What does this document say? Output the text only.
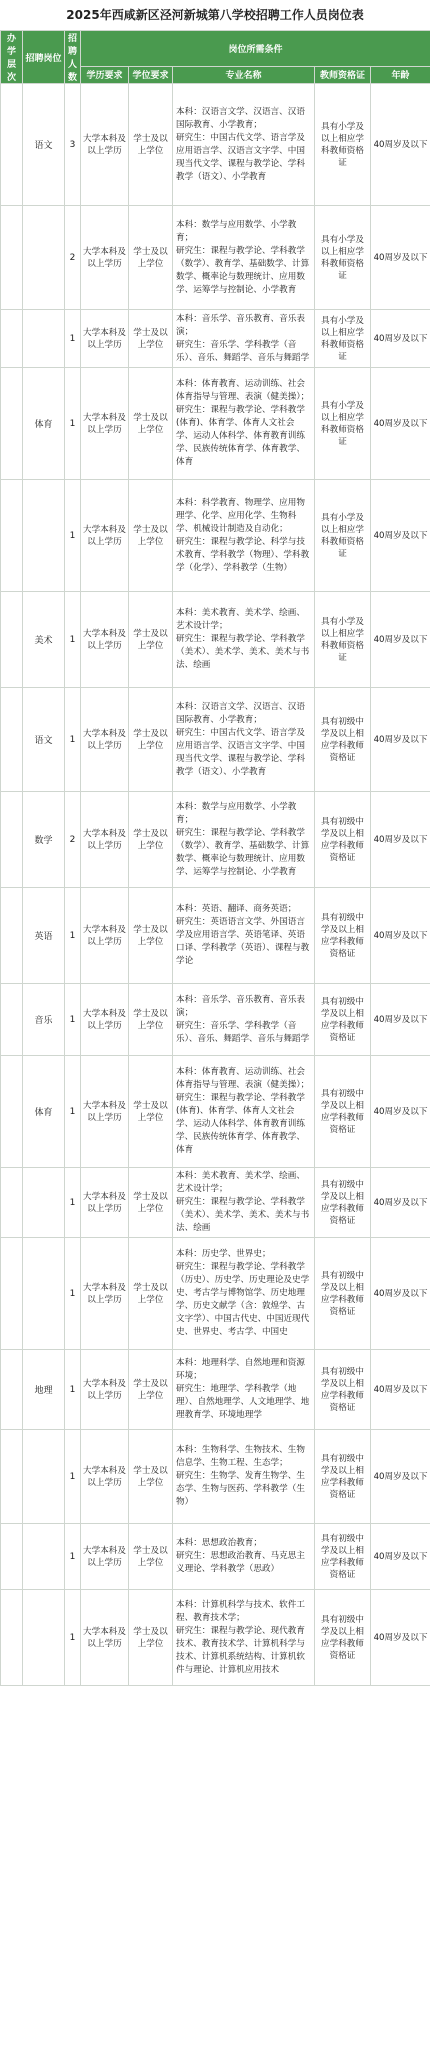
2025年西咸新区泾河新城第八学校招聘工作人员岗位表
办学层次	招聘岗位	招聘人数	岗位所需条件				
			学历要求	学位要求	专业名称	教师资格证	年龄
	语文	3	大学本科及以上学历	学士及以上学位	本科：汉语言文学、汉语言、汉语国际教育、小学教育；
研究生：中国古代文学、语言学及应用语言学、汉语言文字学、中国现当代文学、课程与教学论、学科教学（语文）、小学教育	具有小学及以上相应学科教师资格证	40周岁及以下
		2	大学本科及以上学历	学士及以上学位	本科：数学与应用数学、小学教育；
研究生：课程与教学论、学科教学（数学）、教育学、基础数学、计算数学、概率论与数理统计、应用数学、运筹学与控制论、小学教育	具有小学及以上相应学科教师资格证	40周岁及以下
		1	大学本科及以上学历	学士及以上学位	本科：音乐学、音乐教育、音乐表演；
研究生：音乐学、学科教学（音乐）、音乐、舞蹈学、音乐与舞蹈学	具有小学及以上相应学科教师资格证	40周岁及以下
	体育	1	大学本科及以上学历	学士及以上学位	本科：体育教育、运动训练、社会体育指导与管理、表演（健美操）；
研究生：课程与教学论、学科教学(体育)、体育学、体育人文社会学、运动人体科学、体育教育训练学、民族传统体育学、体育教学、体育	具有小学及以上相应学科教师资格证	40周岁及以下
		1	大学本科及以上学历	学士及以上学位	本科：科学教育、物理学、应用物理学、化学、应用化学、生物科学、机械设计制造及自动化；
研究生：课程与教学论、科学与技术教育、学科教学（物理）、学科教学（化学）、学科教学（生物）	具有小学及以上相应学科教师资格证	40周岁及以下
	美术	1	大学本科及以上学历	学士及以上学位	本科：美术教育、美术学、绘画、艺术设计学；
研究生：课程与教学论、学科教学（美术）、美术学、美术、美术与书法、绘画	具有小学及以上相应学科教师资格证	40周岁及以下
	语文	1	大学本科及以上学历	学士及以上学位	本科：汉语言文学、汉语言、汉语国际教育、小学教育；
研究生：中国古代文学、语言学及应用语言学、汉语言文字学、中国现当代文学、课程与教学论、学科教学（语文）、小学教育	具有初级中学及以上相应学科教师资格证	40周岁及以下
	数学	2	大学本科及以上学历	学士及以上学位	本科：数学与应用数学、小学教育；
研究生：课程与教学论、学科教学（数学）、教育学、基础数学、计算数学、概率论与数理统计、应用数学、运筹学与控制论、小学教育	具有初级中学及以上相应学科教师资格证	40周岁及以下
	英语	1	大学本科及以上学历	学士及以上学位	本科：英语、翻译、商务英语；
研究生：英语语言文学、外国语言学及应用语言学、英语笔译、英语口译、学科教学（英语）、课程与教学论	具有初级中学及以上相应学科教师资格证	40周岁及以下
	音乐	1	大学本科及以上学历	学士及以上学位	本科：音乐学、音乐教育、音乐表演；
研究生：音乐学、学科教学（音乐）、音乐、舞蹈学、音乐与舞蹈学	具有初级中学及以上相应学科教师资格证	40周岁及以下
	体育	1	大学本科及以上学历	学士及以上学位	本科：体育教育、运动训练、社会体育指导与管理、表演（健美操）；
研究生：课程与教学论、学科教学(体育)、体育学、体育人文社会学、运动人体科学、体育教育训练学、民族传统体育学、体育教学、体育	具有初级中学及以上相应学科教师资格证	40周岁及以下
		1	大学本科及以上学历	学士及以上学位	本科：美术教育、美术学、绘画、艺术设计学；
研究生：课程与教学论、学科教学（美术）、美术学、美术、美术与书法、绘画	具有初级中学及以上相应学科教师资格证	40周岁及以下
		1	大学本科及以上学历	学士及以上学位	本科：历史学、世界史；
研究生：课程与教学论、学科教学（历史）、历史学、历史理论及史学史、考古学与博物馆学、历史地理学、历史文献学（含：敦煌学、古文字学）、中国古代史、中国近现代史、世界史、考古学、中国史	具有初级中学及以上相应学科教师资格证	40周岁及以下
	地理	1	大学本科及以上学历	学士及以上学位	本科：地理科学、自然地理和资源环境；
研究生：地理学、学科教学（地理）、自然地理学、人文地理学、地理教育学、环境地理学	具有初级中学及以上相应学科教师资格证	40周岁及以下
		1	大学本科及以上学历	学士及以上学位	本科：生物科学、生物技术、生物信息学、生物工程、生态学；
研究生：生物学、发育生物学、生态学、生物与医药、学科教学（生物）	具有初级中学及以上相应学科教师资格证	40周岁及以下
		1	大学本科及以上学历	学士及以上学位	本科：思想政治教育；
研究生：思想政治教育、马克思主义理论、学科教学（思政）	具有初级中学及以上相应学科教师资格证	40周岁及以下
		1	大学本科及以上学历	学士及以上学位	本科：计算机科学与技术、软件工程、教育技术学；
研究生：课程与教学论、现代教育技术、教育技术学、计算机科学与技术、计算机系统结构、计算机软件与理论、计算机应用技术	具有初级中学及以上相应学科教师资格证	40周岁及以下
